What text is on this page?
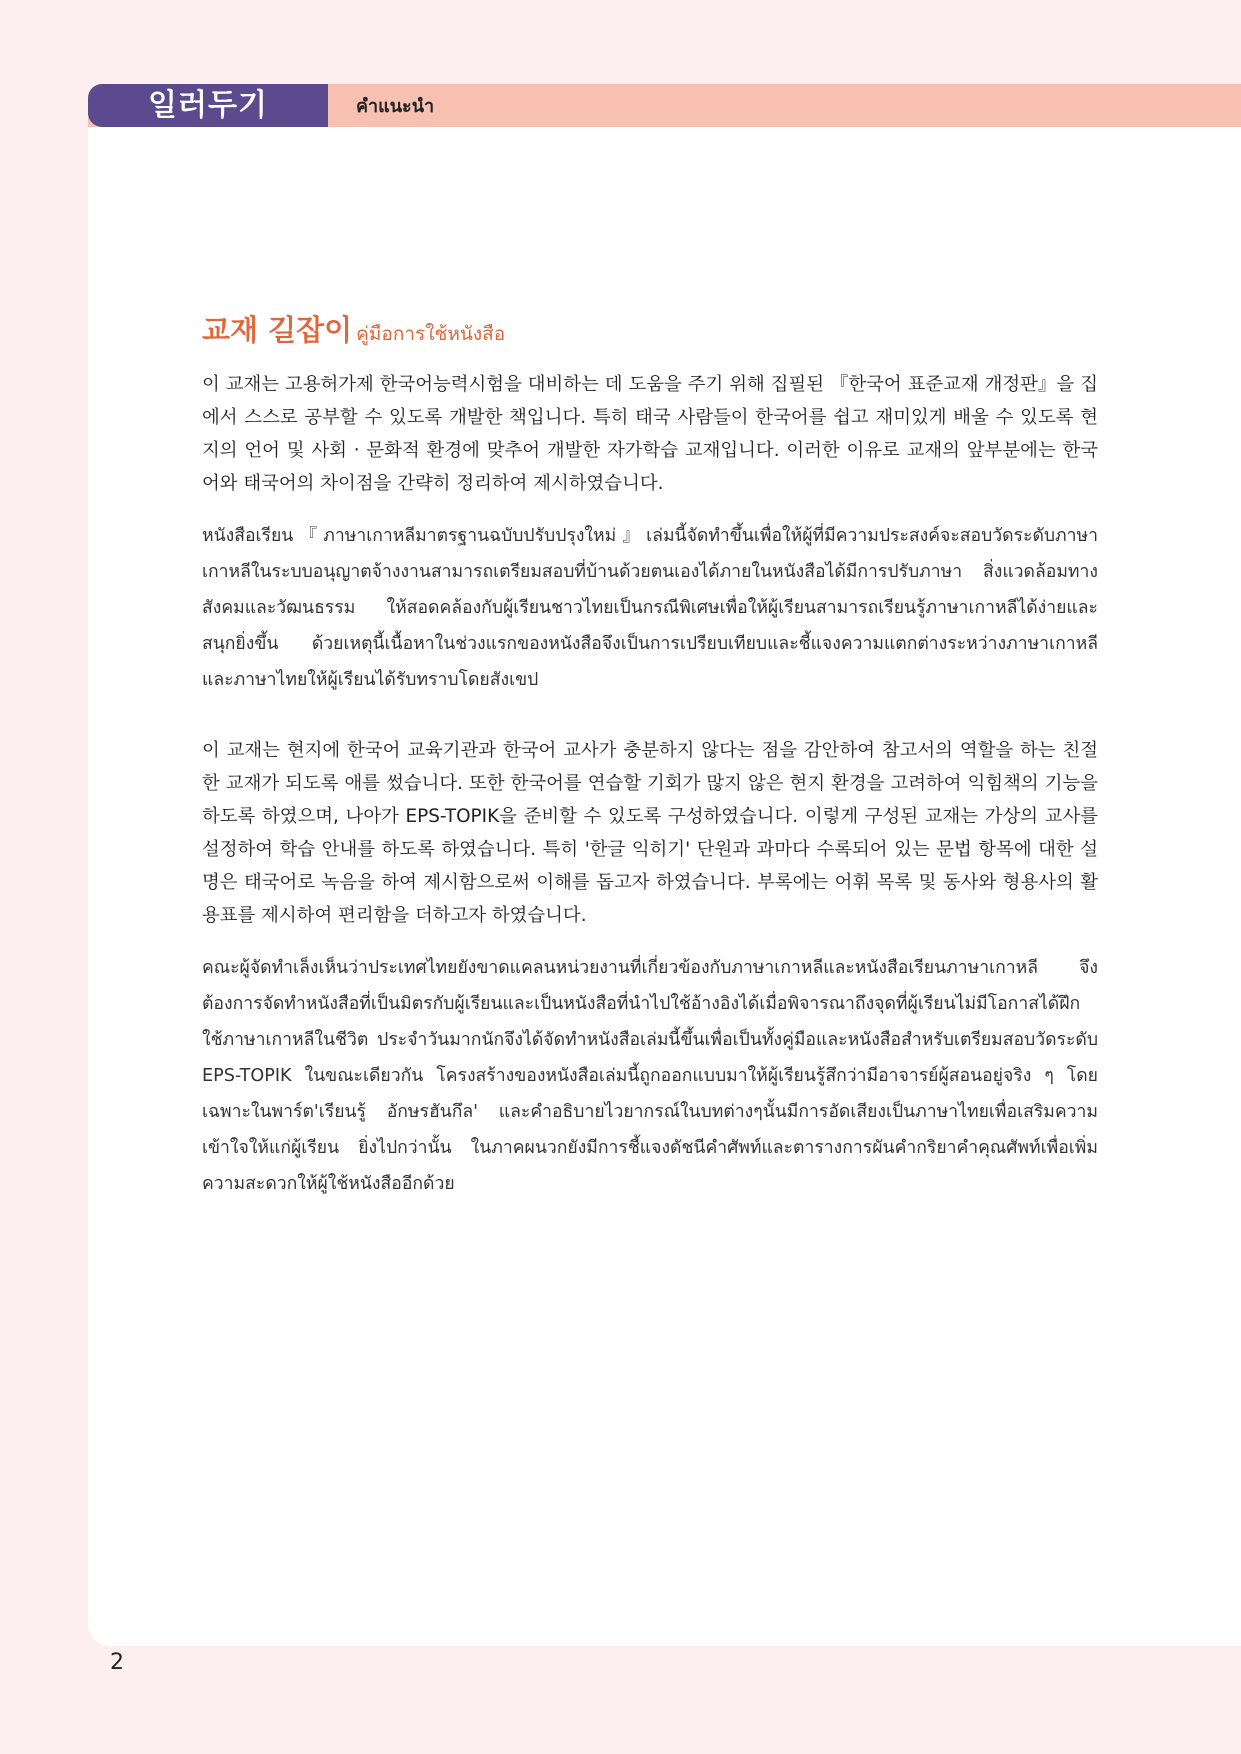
일러두기	คำแนะนำ
교재 길잡이 คู่มือการใช้หนังสือ

이 교재는 고용허가제 한국어능력시험을 대비하는 데 도움을 주기 위해 집필된 『한국어 표준교재 개정판』을 집에서 스스로 공부할 수 있도록 개발한 책입니다. 특히 태국 사람들이 한국어를 쉽고 재미있게 배울 수 있도록 현지의 언어 및 사회 · 문화적 환경에 맞추어 개발한 자가학습 교재입니다. 이러한 이유로 교재의 앞부분에는 한국어와 태국어의 차이점을 간략히 정리하여 제시하였습니다.

หนังสือเรียน『ภาษาเกาหลีมาตรฐานฉบับปรับปรุงใหม่』เล่มนี้จัดทำขึ้นเพื่อให้ผู้ที่มีความประสงค์จะสอบวัดระดับภาษาเกาหลีในระบบอนุญาตจ้างงานสามารถเตรียมสอบที่บ้านด้วยตนเองได้ภายในหนังสือได้มีการปรับภาษา สิ่งแวดล้อมทางสังคมและวัฒนธรรม ให้สอดคล้องกับผู้เรียนชาวไทยเป็นกรณีพิเศษเพื่อให้ผู้เรียนสามารถเรียนรู้ภาษาเกาหลีได้ง่ายและสนุกยิ่งขึ้น ด้วยเหตุนี้เนื้อหาในช่วงแรกของหนังสือจึงเป็นการเปรียบเทียบและชี้แจงความแตกต่างระหว่างภาษาเกาหลีและภาษาไทยให้ผู้เรียนได้รับทราบโดยสังเขป

이 교재는 현지에 한국어 교육기관과 한국어 교사가 충분하지 않다는 점을 감안하여 참고서의 역할을 하는 친절한 교재가 되도록 애를 썼습니다. 또한 한국어를 연습할 기회가 많지 않은 현지 환경을 고려하여 익힘책의 기능을 하도록 하였으며, 나아가 EPS-TOPIK을 준비할 수 있도록 구성하였습니다. 이렇게 구성된 교재는 가상의 교사를 설정하여 학습 안내를 하도록 하였습니다. 특히 '한글 익히기' 단원과 과마다 수록되어 있는 문법 항목에 대한 설명은 태국어로 녹음을 하여 제시함으로써 이해를 돕고자 하였습니다. 부록에는 어휘 목록 및 동사와 형용사의 활용표를 제시하여 편리함을 더하고자 하였습니다.

คณะผู้จัดทำเล็งเห็นว่าประเทศไทยยังขาดแคลนหน่วยงานที่เกี่ยวข้องกับภาษาเกาหลีและหนังสือเรียนภาษาเกาหลี จึงต้องการจัดทำหนังสือที่เป็นมิตรกับผู้เรียนและเป็นหนังสือที่นำไปใช้อ้างอิงได้เมื่อพิจารณาถึงจุดที่ผู้เรียนไม่มีโอกาสได้ฝึกใช้ภาษาเกาหลีในชีวิต ประจำวันมากนักจึงได้จัดทำหนังสือเล่มนี้ขึ้นเพื่อเป็นทั้งคู่มือและหนังสือสำหรับเตรียมสอบวัดระดับ EPS-TOPIK ในขณะเดียวกัน โครงสร้างของหนังสือเล่มนี้ถูกออกแบบมาให้ผู้เรียนรู้สึกว่ามีอาจารย์ผู้สอนอยู่จริง ๆ โดยเฉพาะในพาร์ต'เรียนรู้ อักษรฮันกึล' และคำอธิบายไวยากรณ์ในบทต่างๆนั้นมีการอัดเสียงเป็นภาษาไทยเพื่อเสริมความเข้าใจให้แก่ผู้เรียน ยิ่งไปกว่านั้น ในภาคผนวกยังมีการชี้แจงดัชนีคำศัพท์และตารางการผันคำกริยาคำคุณศัพท์เพื่อเพิ่มความสะดวกให้ผู้ใช้หนังสืออีกด้วย

2
